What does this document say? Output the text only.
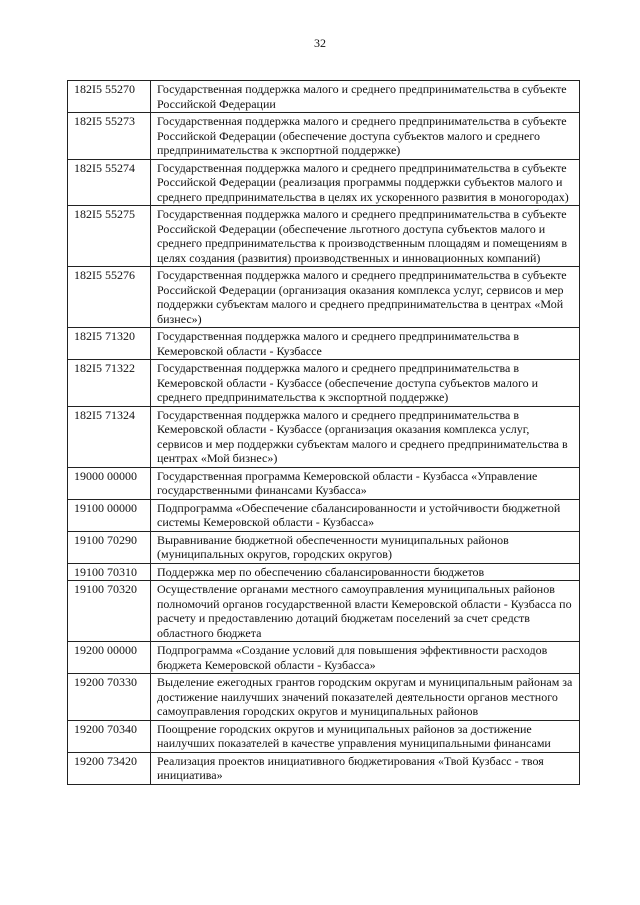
32
182I5 55270	Государственная поддержка малого и среднего предпринимательства в субъекте Российской Федерации
182I5 55273	Государственная поддержка малого и среднего предпринимательства в субъекте Российской Федерации (обеспечение доступа субъектов малого и среднего предпринимательства к экспортной поддержке)
182I5 55274	Государственная поддержка малого и среднего предпринимательства в субъекте Российской Федерации (реализация программы поддержки субъектов малого и среднего предпринимательства в целях их ускоренного развития в моногородах)
182I5 55275	Государственная поддержка малого и среднего предпринимательства в субъекте Российской Федерации (обеспечение льготного доступа субъектов малого и среднего предпринимательства к производственным площадям и помещениям в целях создания (развития) производственных и инновационных компаний)
182I5 55276	Государственная поддержка малого и среднего предпринимательства в субъекте Российской Федерации (организация оказания комплекса услуг, сервисов и мер поддержки субъектам малого и среднего предпринимательства в центрах «Мой бизнес»)
182I5 71320	Государственная поддержка малого и среднего предпринимательства в Кемеровской области - Кузбассе
182I5 71322	Государственная поддержка малого и среднего предпринимательства в Кемеровской области - Кузбассе (обеспечение доступа субъектов малого и среднего предпринимательства к экспортной поддержке)
182I5 71324	Государственная поддержка малого и среднего предпринимательства в Кемеровской области - Кузбассе (организация оказания комплекса услуг, сервисов и мер поддержки субъектам малого и среднего предпринимательства в центрах «Мой бизнес»)
19000 00000	Государственная программа Кемеровской области - Кузбасса «Управление государственными финансами Кузбасса»
19100 00000	Подпрограмма «Обеспечение сбалансированности и устойчивости бюджетной системы Кемеровской области - Кузбасса»
19100 70290	Выравнивание бюджетной обеспеченности муниципальных районов (муниципальных округов, городских округов)
19100 70310	Поддержка мер по обеспечению сбалансированности бюджетов
19100 70320	Осуществление органами местного самоуправления муниципальных районов полномочий органов государственной власти Кемеровской области - Кузбасса по расчету и предоставлению дотаций бюджетам поселений за счет средств областного бюджета
19200 00000	Подпрограмма «Создание условий для повышения эффективности расходов бюджета Кемеровской области - Кузбасса»
19200 70330	Выделение ежегодных грантов городским округам и муниципальным районам за достижение наилучших значений показателей деятельности органов местного самоуправления городских округов и муниципальных районов
19200 70340	Поощрение городских округов и муниципальных районов за достижение наилучших показателей в качестве управления муниципальными финансами
19200 73420	Реализация проектов инициативного бюджетирования «Твой Кузбасс - твоя инициатива»
